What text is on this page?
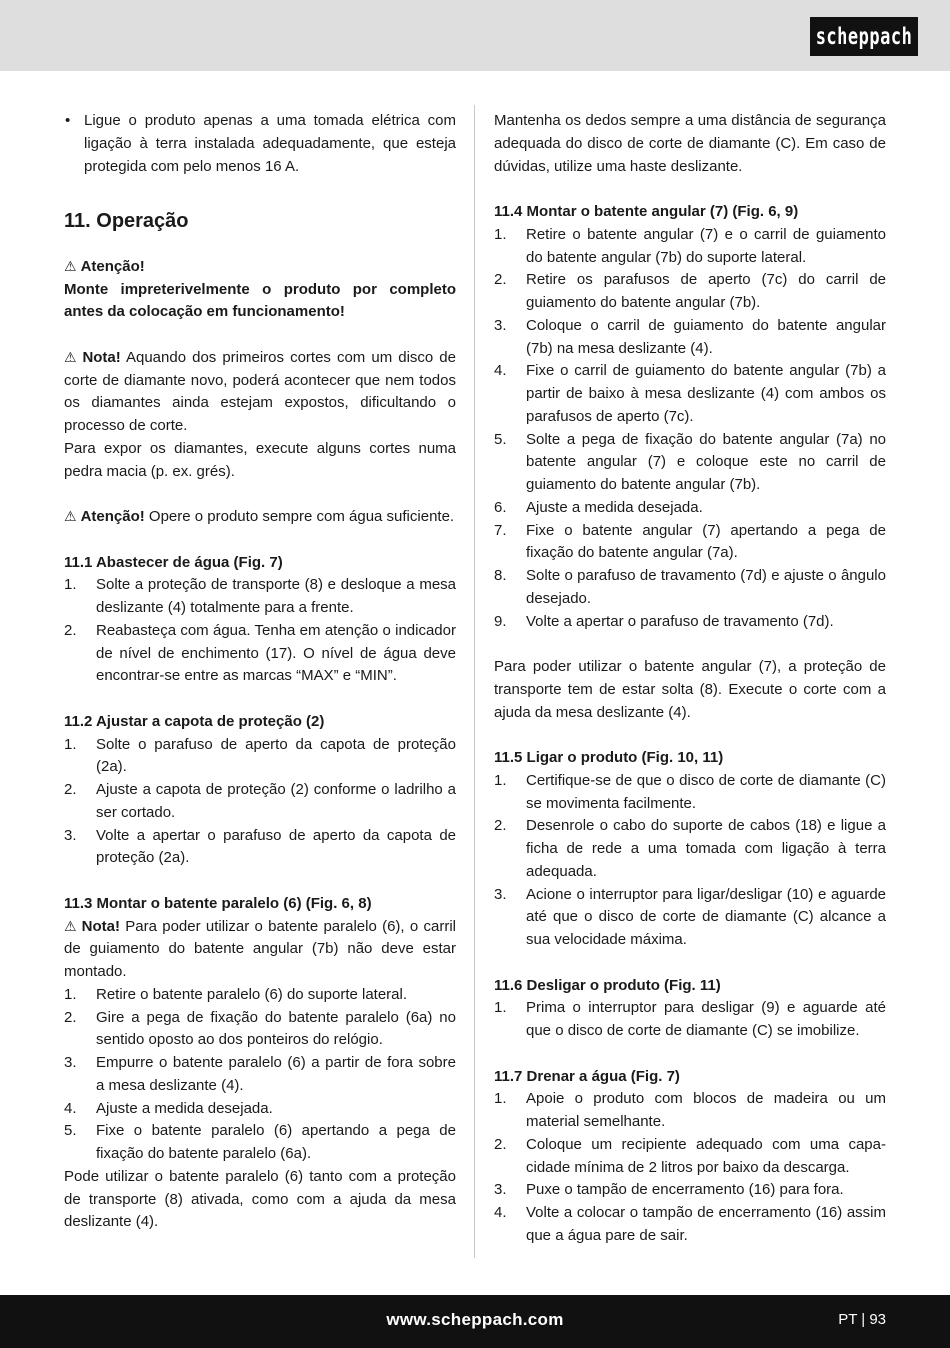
scheppach
• Ligue o produto apenas a uma tomada elétrica com ligação à terra instalada adequadamente, que esteja protegida com pelo menos 16 A.
11. Operação

⚠ Atenção!

Monte impreterivelmente o produto por completo antes da colocação em funcionamento!

⚠ Nota! Aquando dos primeiros cortes com um disco de corte de diamante novo, poderá acontecer que nem todos os diamantes ainda estejam expostos, dificultando o processo de corte.

Para expor os diamantes, execute alguns cortes numa pedra macia (p. ex. grés).

⚠ Atenção! Opere o produto sempre com água suficiente.

11.1 Abastecer de água (Fig. 7)
1.	Solte a proteção de transporte (8) e desloque a mesa deslizante (4) totalmente para a frente.
2.	Reabasteça com água. Tenha em atenção o indicador de nível de enchimento (17). O nível de água deve encontrar-se entre as marcas “MAX” e “MIN”.
11.2 Ajustar a capota de proteção (2)
1.	Solte o parafuso de aperto da capota de proteção (2a).
2.	Ajuste a capota de proteção (2) conforme o ladrilho a ser cortado.
3.	Volte a apertar o parafuso de aperto da capota de proteção (2a).
11.3 Montar o batente paralelo (6) (Fig. 6, 8)

⚠ Nota! Para poder utilizar o batente paralelo (6), o carril de guiamento do batente angular (7b) não deve estar montado.

1.	Retire o batente paralelo (6) do suporte lateral.
2.	Gire a pega de fixação do batente paralelo (6a) no sentido oposto ao dos ponteiros do relógio.
3.	Empurre o batente paralelo (6) a partir de fora sobre a mesa deslizante (4).
4.	Ajuste a medida desejada.
5.	Fixe o batente paralelo (6) apertando a pega de fixação do batente paralelo (6a).

Pode utilizar o batente paralelo (6) tanto com a proteção de transporte (8) ativada, como com a ajuda da mesa deslizante (4).

Mantenha os dedos sempre a uma distância de segurança adequada do disco de corte de diamante (C). Em caso de dúvidas, utilize uma haste deslizante.

11.4 Montar o batente angular (7) (Fig. 6, 9)
1.	Retire o batente angular (7) e o carril de guiamento do batente angular (7b) do suporte lateral.
2.	Retire os parafusos de aperto (7c) do carril de guiamento do batente angular (7b).
3.	Coloque o carril de guiamento do batente angular (7b) na mesa deslizante (4).
4.	Fixe o carril de guiamento do batente angular (7b) a partir de baixo à mesa deslizante (4) com ambos os parafusos de aperto (7c).
5.	Solte a pega de fixação do batente angular (7a) no batente angular (7) e coloque este no carril de guiamento do batente angular (7b).
6.	Ajuste a medida desejada.
7.	Fixe o batente angular (7) apertando a pega de fixação do batente angular (7a).
8.	Solte o parafuso de travamento (7d) e ajuste o ângulo desejado.
9.	Volte a apertar o parafuso de travamento (7d).

Para poder utilizar o batente angular (7), a proteção de transporte tem de estar solta (8). Execute o corte com a ajuda da mesa deslizante (4).

11.5 Ligar o produto (Fig. 10, 11)
1.	Certifique-se de que o disco de corte de diamante (C) se movimenta facilmente.
2.	Desenrole o cabo do suporte de cabos (18) e ligue a ficha de rede a uma tomada com ligação à terra adequada.
3.	Acione o interruptor para ligar/desligar (10) e aguarde até que o disco de corte de diamante (C) alcance a sua velocidade máxima.
11.6 Desligar o produto (Fig. 11)
1.	Prima o interruptor para desligar (9) e aguarde até que o disco de corte de diamante (C) se imobilize.
11.7 Drenar a água (Fig. 7)
1.	Apoie o produto com blocos de madeira ou um material semelhante.
2.	Coloque um recipiente adequado com uma capacidade mínima de 2 litros por baixo da descarga.
3.	Puxe o tampão de encerramento (16) para fora.
4.	Volte a colocar o tampão de encerramento (16) assim que a água pare de sair.
www.scheppach.com	PT | 93
